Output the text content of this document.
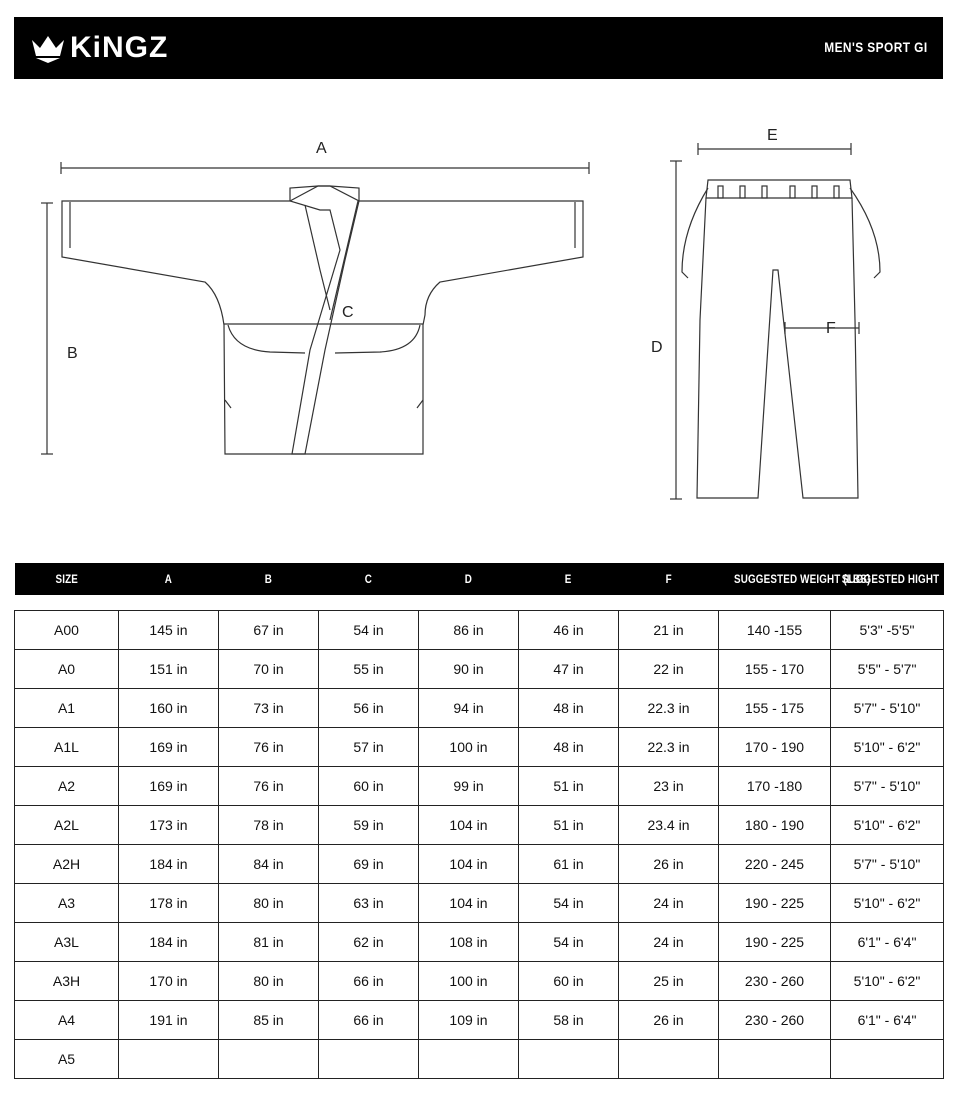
KiNGZ	MEN'S SPORT GI
A
B
C
D
E
F
SIZE	A	B	C	D	E	F	SUGGESTED WEIGHT (LBS)	SUGGESTED HIGHT

A00	145 in	67 in	54 in	86 in	46 in	21 in	140 -155	5'3" -5'5"
A0	151 in	70 in	55 in	90 in	47 in	22 in	155 - 170	5'5" - 5'7"
A1	160 in	73 in	56 in	94 in	48 in	22.3 in	155 - 175	5'7" - 5'10"
A1L	169 in	76 in	57 in	100 in	48 in	22.3 in	170 - 190	5'10" - 6'2"
A2	169 in	76 in	60 in	99 in	51 in	23 in	170 -180	5'7" - 5'10"
A2L	173 in	78 in	59 in	104 in	51 in	23.4 in	180 - 190	5'10" - 6'2"
A2H	184 in	84 in	69 in	104 in	61 in	26 in	220 - 245	5'7" - 5'10"
A3	178 in	80 in	63 in	104 in	54 in	24 in	190 - 225	5'10" - 6'2"
A3L	184 in	81 in	62 in	108 in	54 in	24 in	190 - 225	6'1" - 6'4"
A3H	170 in	80 in	66 in	100 in	60 in	25 in	230 - 260	5'10" - 6'2"
A4	191 in	85 in	66 in	109 in	58 in	26 in	230 - 260	6'1" - 6'4"
A5								
